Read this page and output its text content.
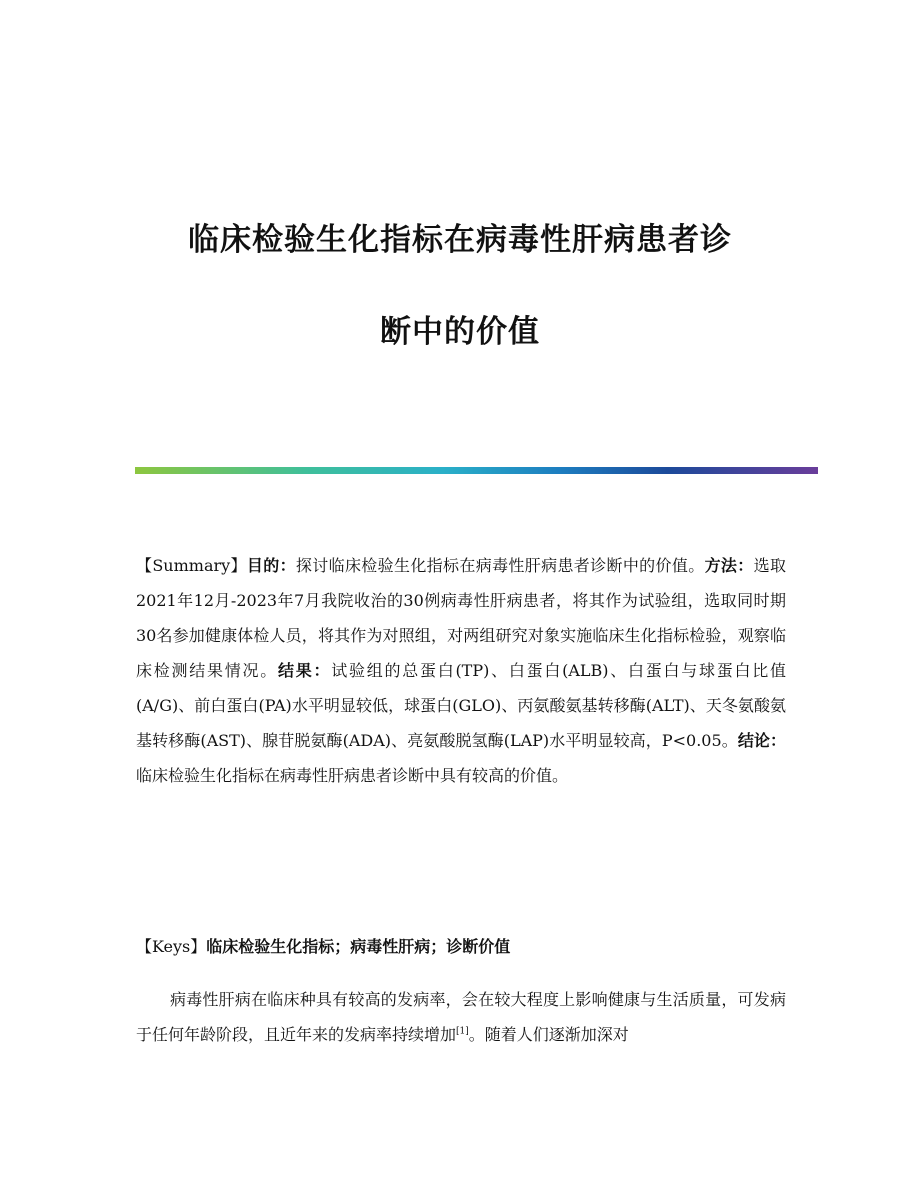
临床检验生化指标在病毒性肝病患者诊
断中的价值

【Summary】目的：探讨临床检验生化指标在病毒性肝病患者诊断中的价值。方法：选取2021年12月-2023年7月我院收治的30例病毒性肝病患者，将其作为试验组，选取同时期30名参加健康体检人员，将其作为对照组，对两组研究对象实施临床生化指标检验，观察临床检测结果情况。结果：试验组的总蛋白(TP)、白蛋白(ALB)、白蛋白与球蛋白比值(A/G)、前白蛋白(PA)水平明显较低，球蛋白(GLO)、丙氨酸氨基转移酶(ALT)、天冬氨酸氨基转移酶(AST)、腺苷脱氨酶(ADA)、亮氨酸脱氢酶(LAP)水平明显较高，P<0.05。结论：临床检验生化指标在病毒性肝病患者诊断中具有较高的价值。

【Keys】临床检验生化指标；病毒性肝病；诊断价值

病毒性肝病在临床种具有较高的发病率，会在较大程度上影响健康与生活质量，可发病于任何年龄阶段，且近年来的发病率持续增加[1]。随着人们逐渐加深对
